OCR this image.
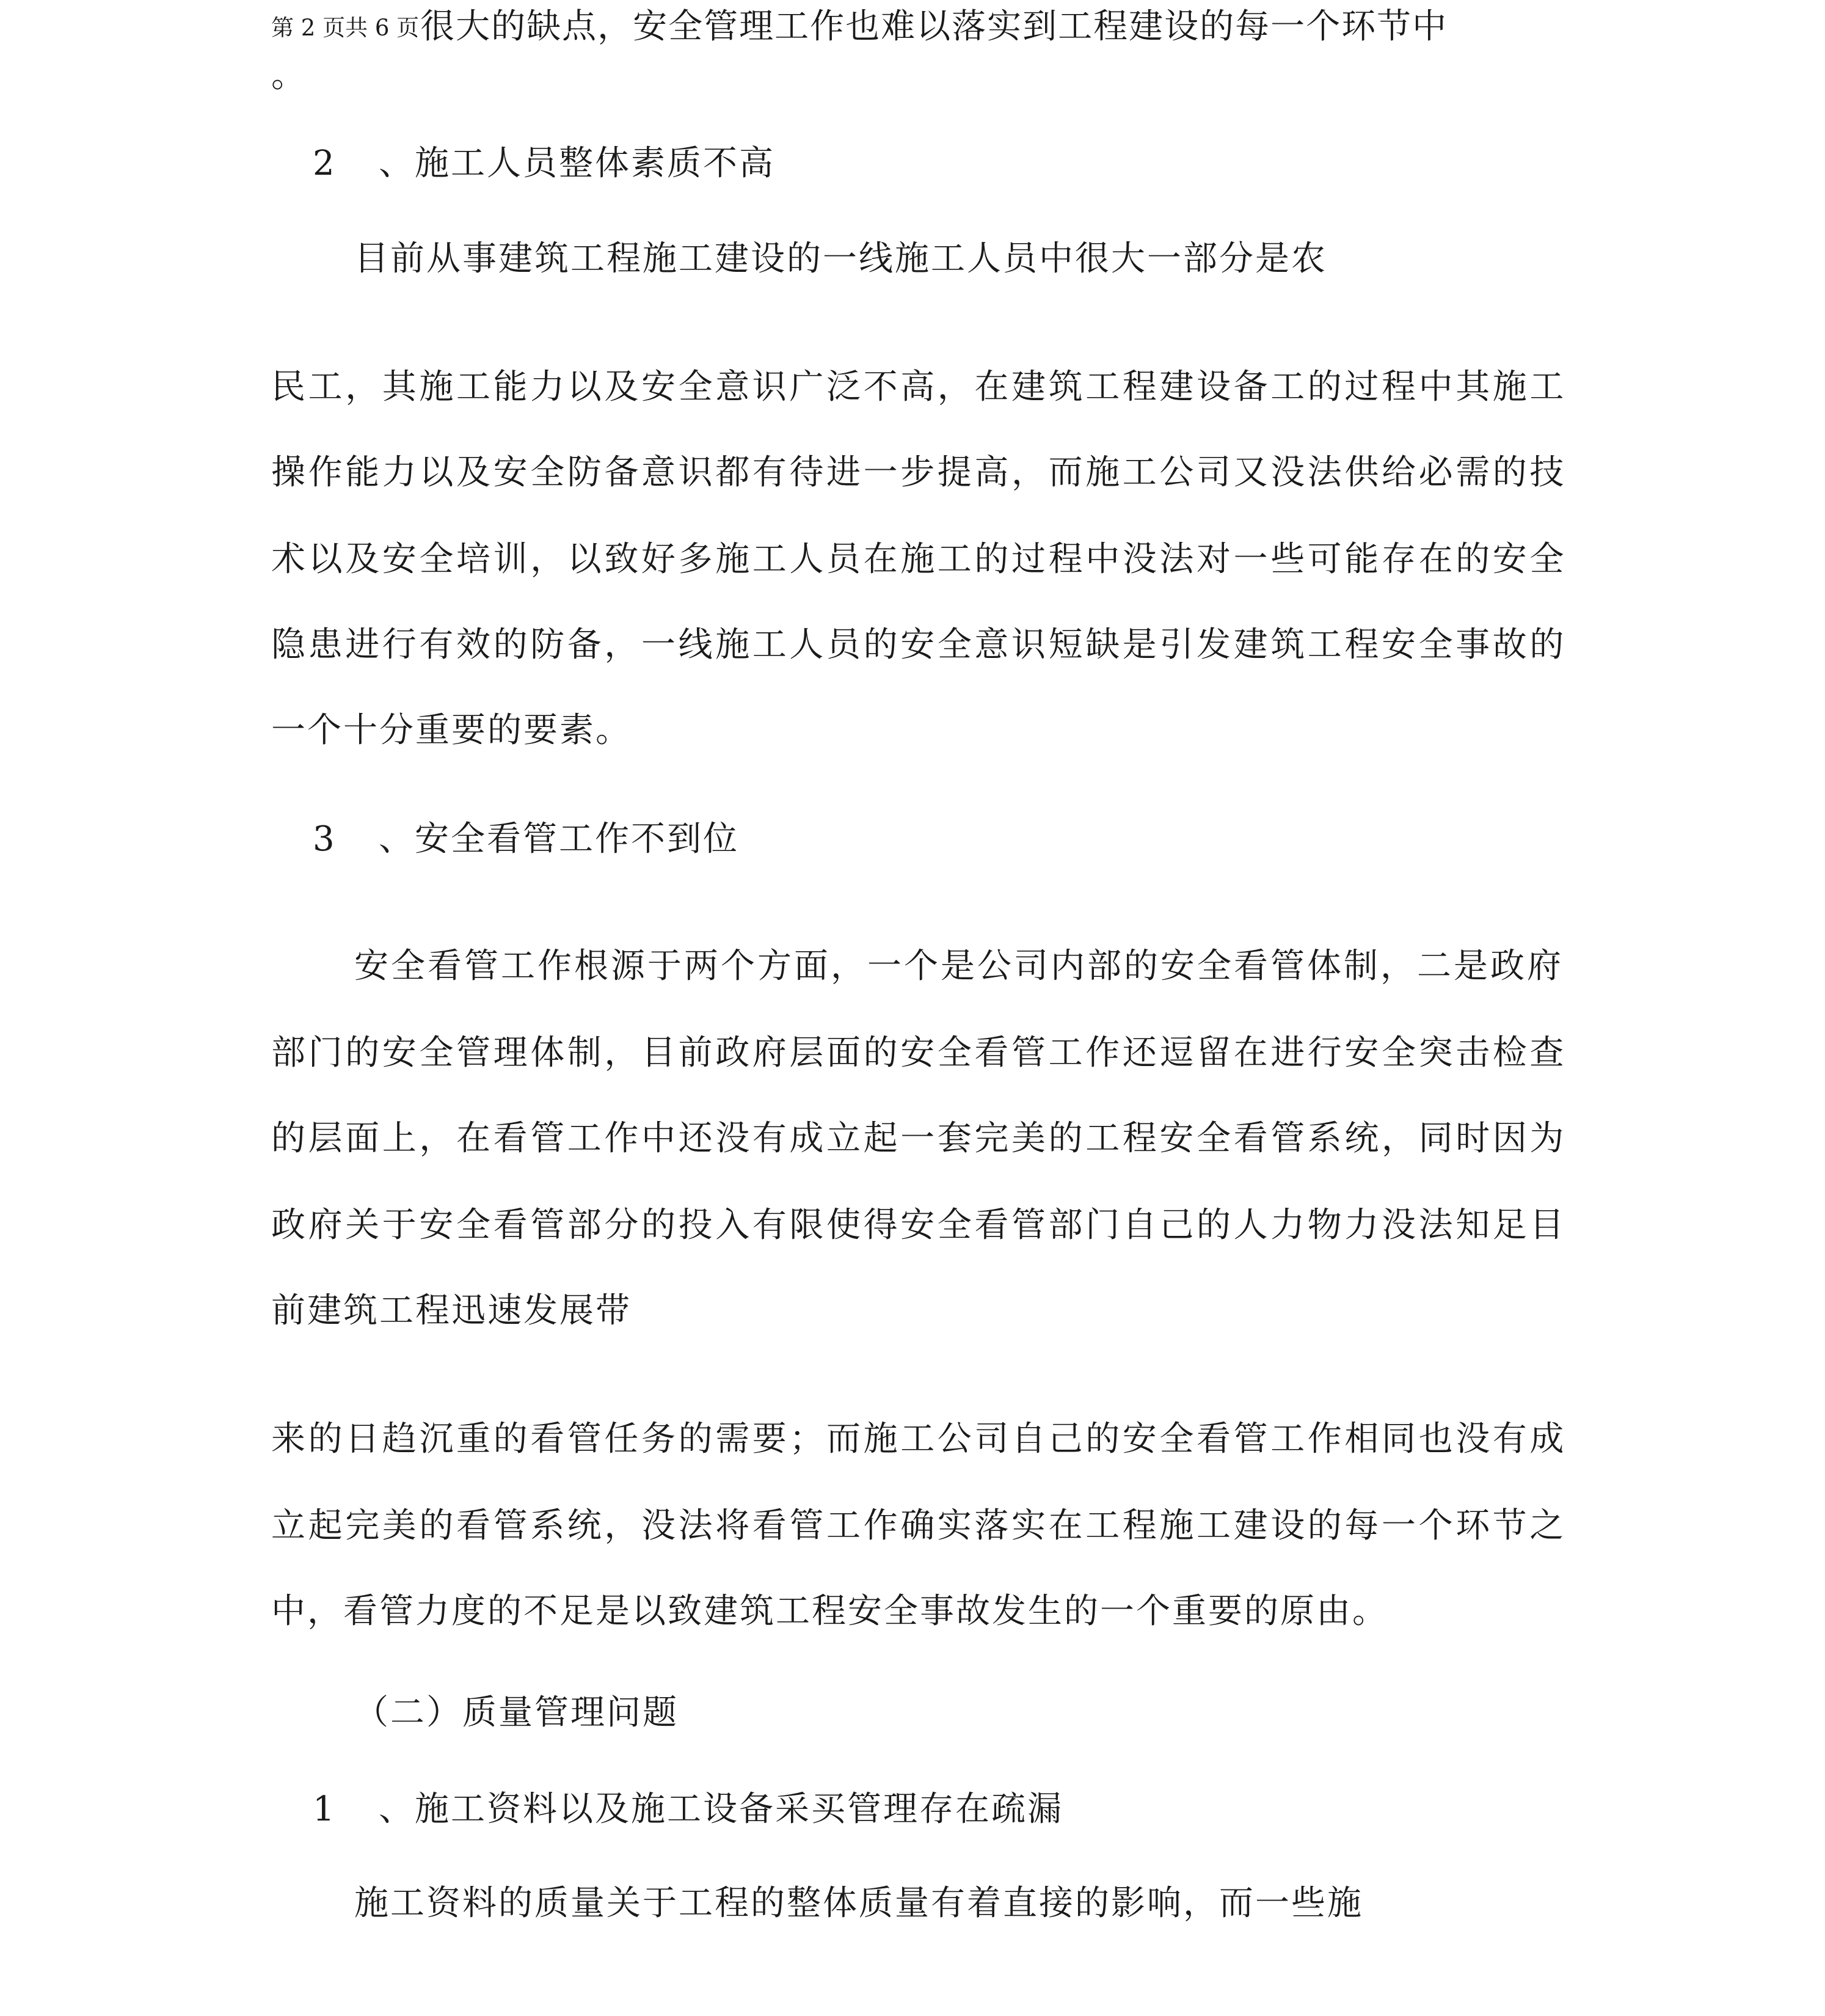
第 2 页共 6 页很大的缺点，安全管理工作也难以落实到工程建设的每一个环节中
。
2 、施工人员整体素质不高
目前从事建筑工程施工建设的一线施工人员中很大一部分是农
民工，其施工能力以及安全意识广泛不高，在建筑工程建设备工的过程中其施工
操作能力以及安全防备意识都有待进一步提高，而施工公司又没法供给必需的技
术以及安全培训，以致好多施工人员在施工的过程中没法对一些可能存在的安全
隐患进行有效的防备，一线施工人员的安全意识短缺是引发建筑工程安全事故的
一个十分重要的要素。
3 、安全看管工作不到位
安全看管工作根源于两个方面，一个是公司内部的安全看管体制，二是政府
部门的安全管理体制，目前政府层面的安全看管工作还逗留在进行安全突击检查
的层面上，在看管工作中还没有成立起一套完美的工程安全看管系统，同时因为
政府关于安全看管部分的投入有限使得安全看管部门自己的人力物力没法知足目
前建筑工程迅速发展带
来的日趋沉重的看管任务的需要；而施工公司自己的安全看管工作相同也没有成
立起完美的看管系统，没法将看管工作确实落实在工程施工建设的每一个环节之
中，看管力度的不足是以致建筑工程安全事故发生的一个重要的原由。
（二）质量管理问题
1 、施工资料以及施工设备采买管理存在疏漏
施工资料的质量关于工程的整体质量有着直接的影响，而一些施
